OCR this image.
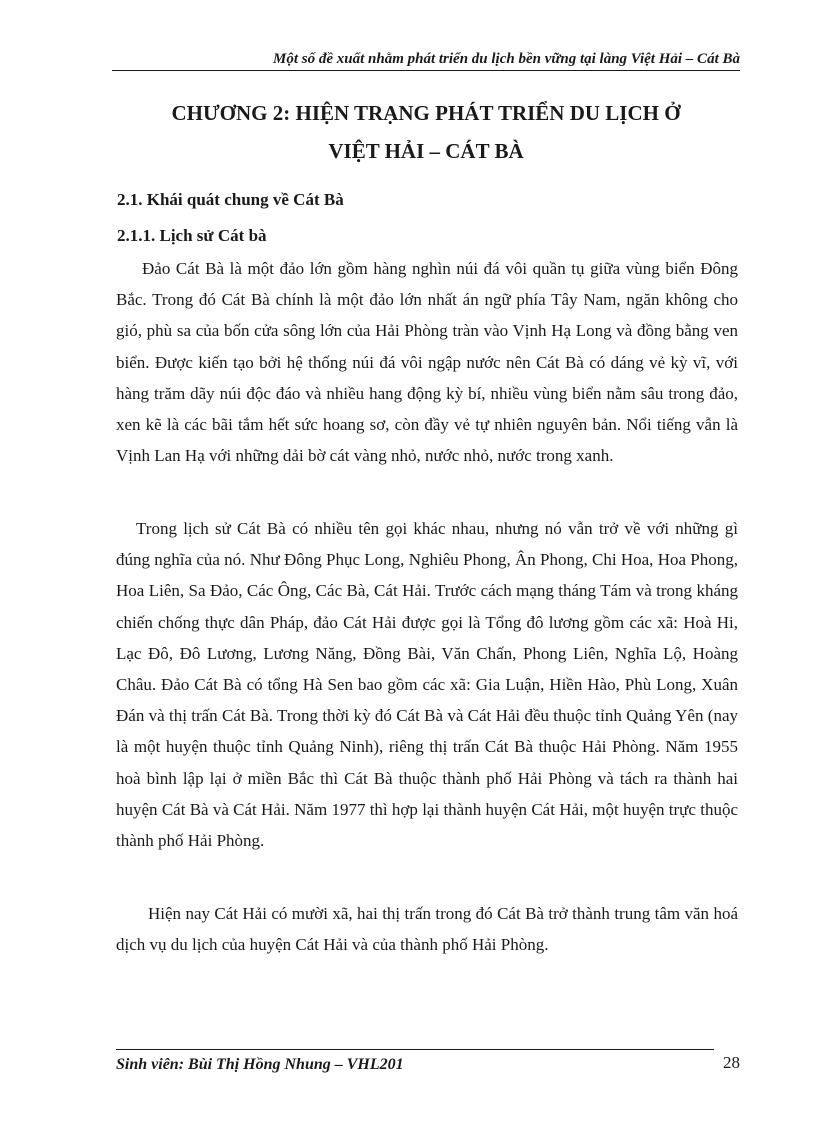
Một số đề xuất nhằm phát triển du lịch bền vững tại làng Việt Hải – Cát Bà
CHƯƠNG 2: HIỆN TRẠNG PHÁT TRIỂN DU LỊCH Ở
VIỆT HẢI – CÁT BÀ
2.1. Khái quát chung về Cát Bà
2.1.1. Lịch sử Cát bà

Đảo Cát Bà là một đảo lớn gồm hàng nghìn núi đá vôi quần tụ giữa vùng biển Đông Bắc. Trong đó Cát Bà chính là một đảo lớn nhất án ngữ phía Tây Nam, ngăn không cho gió, phù sa của bốn cửa sông lớn của Hải Phòng tràn vào Vịnh Hạ Long và đồng bằng ven biển. Được kiến tạo bởi hệ thống núi đá vôi ngập nước nên Cát Bà có dáng vẻ kỳ vĩ, với hàng trăm dãy núi độc đáo và nhiều hang động kỳ bí, nhiều vùng biển nằm sâu trong đảo, xen kẽ là các bãi tắm hết sức hoang sơ, còn đầy vẻ tự nhiên nguyên bản. Nổi tiếng vẫn là Vịnh Lan Hạ với những dải bờ cát vàng nhỏ, nước nhỏ, nước trong xanh.

Trong lịch sử Cát Bà có nhiều tên gọi khác nhau, nhưng nó vẫn trở về với những gì đúng nghĩa của nó. Như Đông Phục Long, Nghiêu Phong, Ân Phong, Chi Hoa, Hoa Phong, Hoa Liên, Sa Đảo, Các Ông, Các Bà, Cát Hải. Trước cách mạng tháng Tám và trong kháng chiến chống thực dân Pháp, đảo Cát Hải được gọi là Tổng đô lương gồm các xã: Hoà Hi, Lạc Đô, Đô Lương, Lương Năng, Đồng Bài, Văn Chấn, Phong Liên, Nghĩa Lộ, Hoàng Châu. Đảo Cát Bà có tổng Hà Sen bao gồm các xã: Gia Luận, Hiền Hào, Phù Long, Xuân Đán và thị trấn Cát Bà. Trong thời kỳ đó Cát Bà và Cát Hải đều thuộc tỉnh Quảng Yên (nay là một huyện thuộc tỉnh Quảng Ninh), riêng thị trấn Cát Bà thuộc Hải Phòng. Năm 1955 hoà bình lập lại ở miền Bắc thì Cát Bà thuộc thành phố Hải Phòng và tách ra thành hai huyện Cát Bà và Cát Hải. Năm 1977 thì hợp lại thành huyện Cát Hải, một huyện trực thuộc thành phố Hải Phòng.

Hiện nay Cát Hải có mười xã, hai thị trấn trong đó Cát Bà trở thành trung tâm văn hoá dịch vụ du lịch của huyện Cát Hải và của thành phố Hải Phòng.

Sinh viên: Bùi Thị Hồng Nhung – VHL201	28
